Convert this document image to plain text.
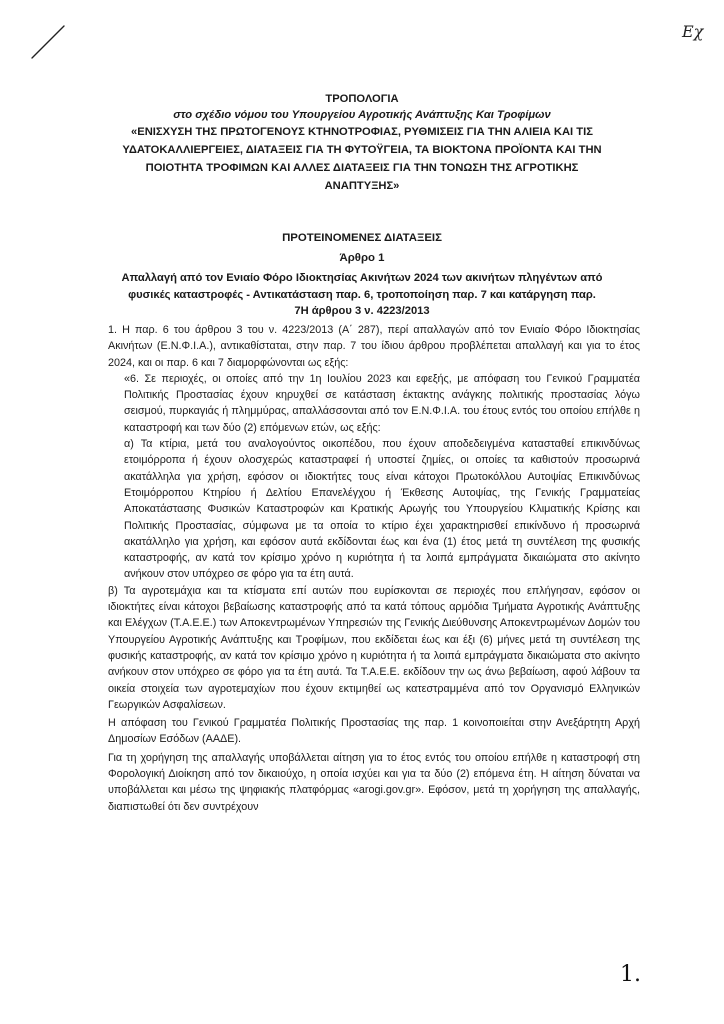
Εχ
ΤΡΟΠΟΛΟΓΙΑ
στο σχέδιο νόμου του Υπουργείου Αγροτικής Ανάπτυξης Και Τροφίμων
«ΕΝΙΣΧΥΣΗ ΤΗΣ ΠΡΩΤΟΓΕΝΟΥΣ ΚΤΗΝΟΤΡΟΦΙΑΣ, ΡΥΘΜΙΣΕΙΣ ΓΙΑ ΤΗΝ ΑΛΙΕΙΑ ΚΑΙ ΤΙΣ
ΥΔΑΤΟΚΑΛΛΙΕΡΓΕΙΕΣ, ΔΙΑΤΑΞΕΙΣ ΓΙΑ ΤΗ ΦΥΤΟΫΓΕΙΑ, ΤΑ ΒΙΟΚΤΟΝΑ ΠΡΟΪΟΝΤΑ ΚΑΙ ΤΗΝ
ΠΟΙΟΤΗΤΑ ΤΡΟΦΙΜΩΝ ΚΑΙ ΑΛΛΕΣ ΔΙΑΤΑΞΕΙΣ ΓΙΑ ΤΗΝ ΤΟΝΩΣΗ ΤΗΣ ΑΓΡΟΤΙΚΗΣ
ΑΝΑΠΤΥΞΗΣ»
ΠΡΟΤΕΙΝΟΜΕΝΕΣ ΔΙΑΤΑΞΕΙΣ
Άρθρο 1
Απαλλαγή από τον Ενιαίο Φόρο Ιδιοκτησίας Ακινήτων 2024 των ακινήτων πληγέντων από
φυσικές καταστροφές - Αντικατάσταση παρ. 6, τροποποίηση παρ. 7 και κατάργηση παρ.
7Η άρθρου 3 ν. 4223/2013

1. Η παρ. 6 του άρθρου 3 του ν. 4223/2013 (Α΄ 287), περί απαλλαγών από τον Ενιαίο Φόρο Ιδιοκτησίας Ακινήτων (Ε.Ν.Φ.Ι.Α.), αντικαθίσταται, στην παρ. 7 του ίδιου άρθρου προβλέπεται απαλλαγή και για το έτος 2024, και οι παρ. 6 και 7 διαμορφώνονται ως εξής:

«6. Σε περιοχές, οι οποίες από την 1η Ιουλίου 2023 και εφεξής, με απόφαση του Γενικού Γραμματέα Πολιτικής Προστασίας έχουν κηρυχθεί σε κατάσταση έκτακτης ανάγκης πολιτικής προστασίας λόγω σεισμού, πυρκαγιάς ή πλημμύρας, απαλλάσσονται από τον Ε.Ν.Φ.Ι.Α. του έτους εντός του οποίου επήλθε η καταστροφή και των δύο (2) επόμενων ετών, ως εξής:

α) Τα κτίρια, μετά του αναλογούντος οικοπέδου, που έχουν αποδεδειγμένα κατασταθεί επικινδύνως ετοιμόρροπα ή έχουν ολοσχερώς καταστραφεί ή υποστεί ζημίες, οι οποίες τα καθιστούν προσωρινά ακατάλληλα για χρήση, εφόσον οι ιδιοκτήτες τους είναι κάτοχοι Πρωτοκόλλου Αυτοψίας Επικινδύνως Ετοιμόρροπου Κτηρίου ή Δελτίου Επανελέγχου ή Έκθεσης Αυτοψίας, της Γενικής Γραμματείας Αποκατάστασης Φυσικών Καταστροφών και Κρατικής Αρωγής του Υπουργείου Κλιματικής Κρίσης και Πολιτικής Προστασίας, σύμφωνα με τα οποία το κτίριο έχει χαρακτηρισθεί επικίνδυνο ή προσωρινά ακατάλληλο για χρήση, και εφόσον αυτά εκδίδονται έως και ένα (1) έτος μετά τη συντέλεση της φυσικής καταστροφής, αν κατά τον κρίσιμο χρόνο η κυριότητα ή τα λοιπά εμπράγματα δικαιώματα στο ακίνητο ανήκουν στον υπόχρεο σε φόρο για τα έτη αυτά.

β) Τα αγροτεμάχια και τα κτίσματα επί αυτών που ευρίσκονται σε περιοχές που επλήγησαν, εφόσον οι ιδιοκτήτες είναι κάτοχοι βεβαίωσης καταστροφής από τα κατά τόπους αρμόδια Τμήματα Αγροτικής Ανάπτυξης και Ελέγχων (Τ.Α.Ε.Ε.) των Αποκεντρωμένων Υπηρεσιών της Γενικής Διεύθυνσης Αποκεντρωμένων Δομών του Υπουργείου Αγροτικής Ανάπτυξης και Τροφίμων, που εκδίδεται έως και έξι (6) μήνες μετά τη συντέλεση της φυσικής καταστροφής, αν κατά τον κρίσιμο χρόνο η κυριότητα ή τα λοιπά εμπράγματα δικαιώματα στο ακίνητο ανήκουν στον υπόχρεο σε φόρο για τα έτη αυτά. Τα Τ.Α.Ε.Ε. εκδίδουν την ως άνω βεβαίωση, αφού λάβουν τα οικεία στοιχεία των αγροτεμαχίων που έχουν εκτιμηθεί ως κατεστραμμένα από τον Οργανισμό Ελληνικών Γεωργικών Ασφαλίσεων.

Η απόφαση του Γενικού Γραμματέα Πολιτικής Προστασίας της παρ. 1 κοινοποιείται στην Ανεξάρτητη Αρχή Δημοσίων Εσόδων (ΑΑΔΕ).

Για τη χορήγηση της απαλλαγής υποβάλλεται αίτηση για το έτος εντός του οποίου επήλθε η καταστροφή στη Φορολογική Διοίκηση από τον δικαιούχο, η οποία ισχύει και για τα δύο (2) επόμενα έτη. Η αίτηση δύναται να υποβάλλεται και μέσω της ψηφιακής πλατφόρμας «arogi.gov.gr». Εφόσον, μετά τη χορήγηση της απαλλαγής, διαπιστωθεί ότι δεν συντρέχουν

1.
